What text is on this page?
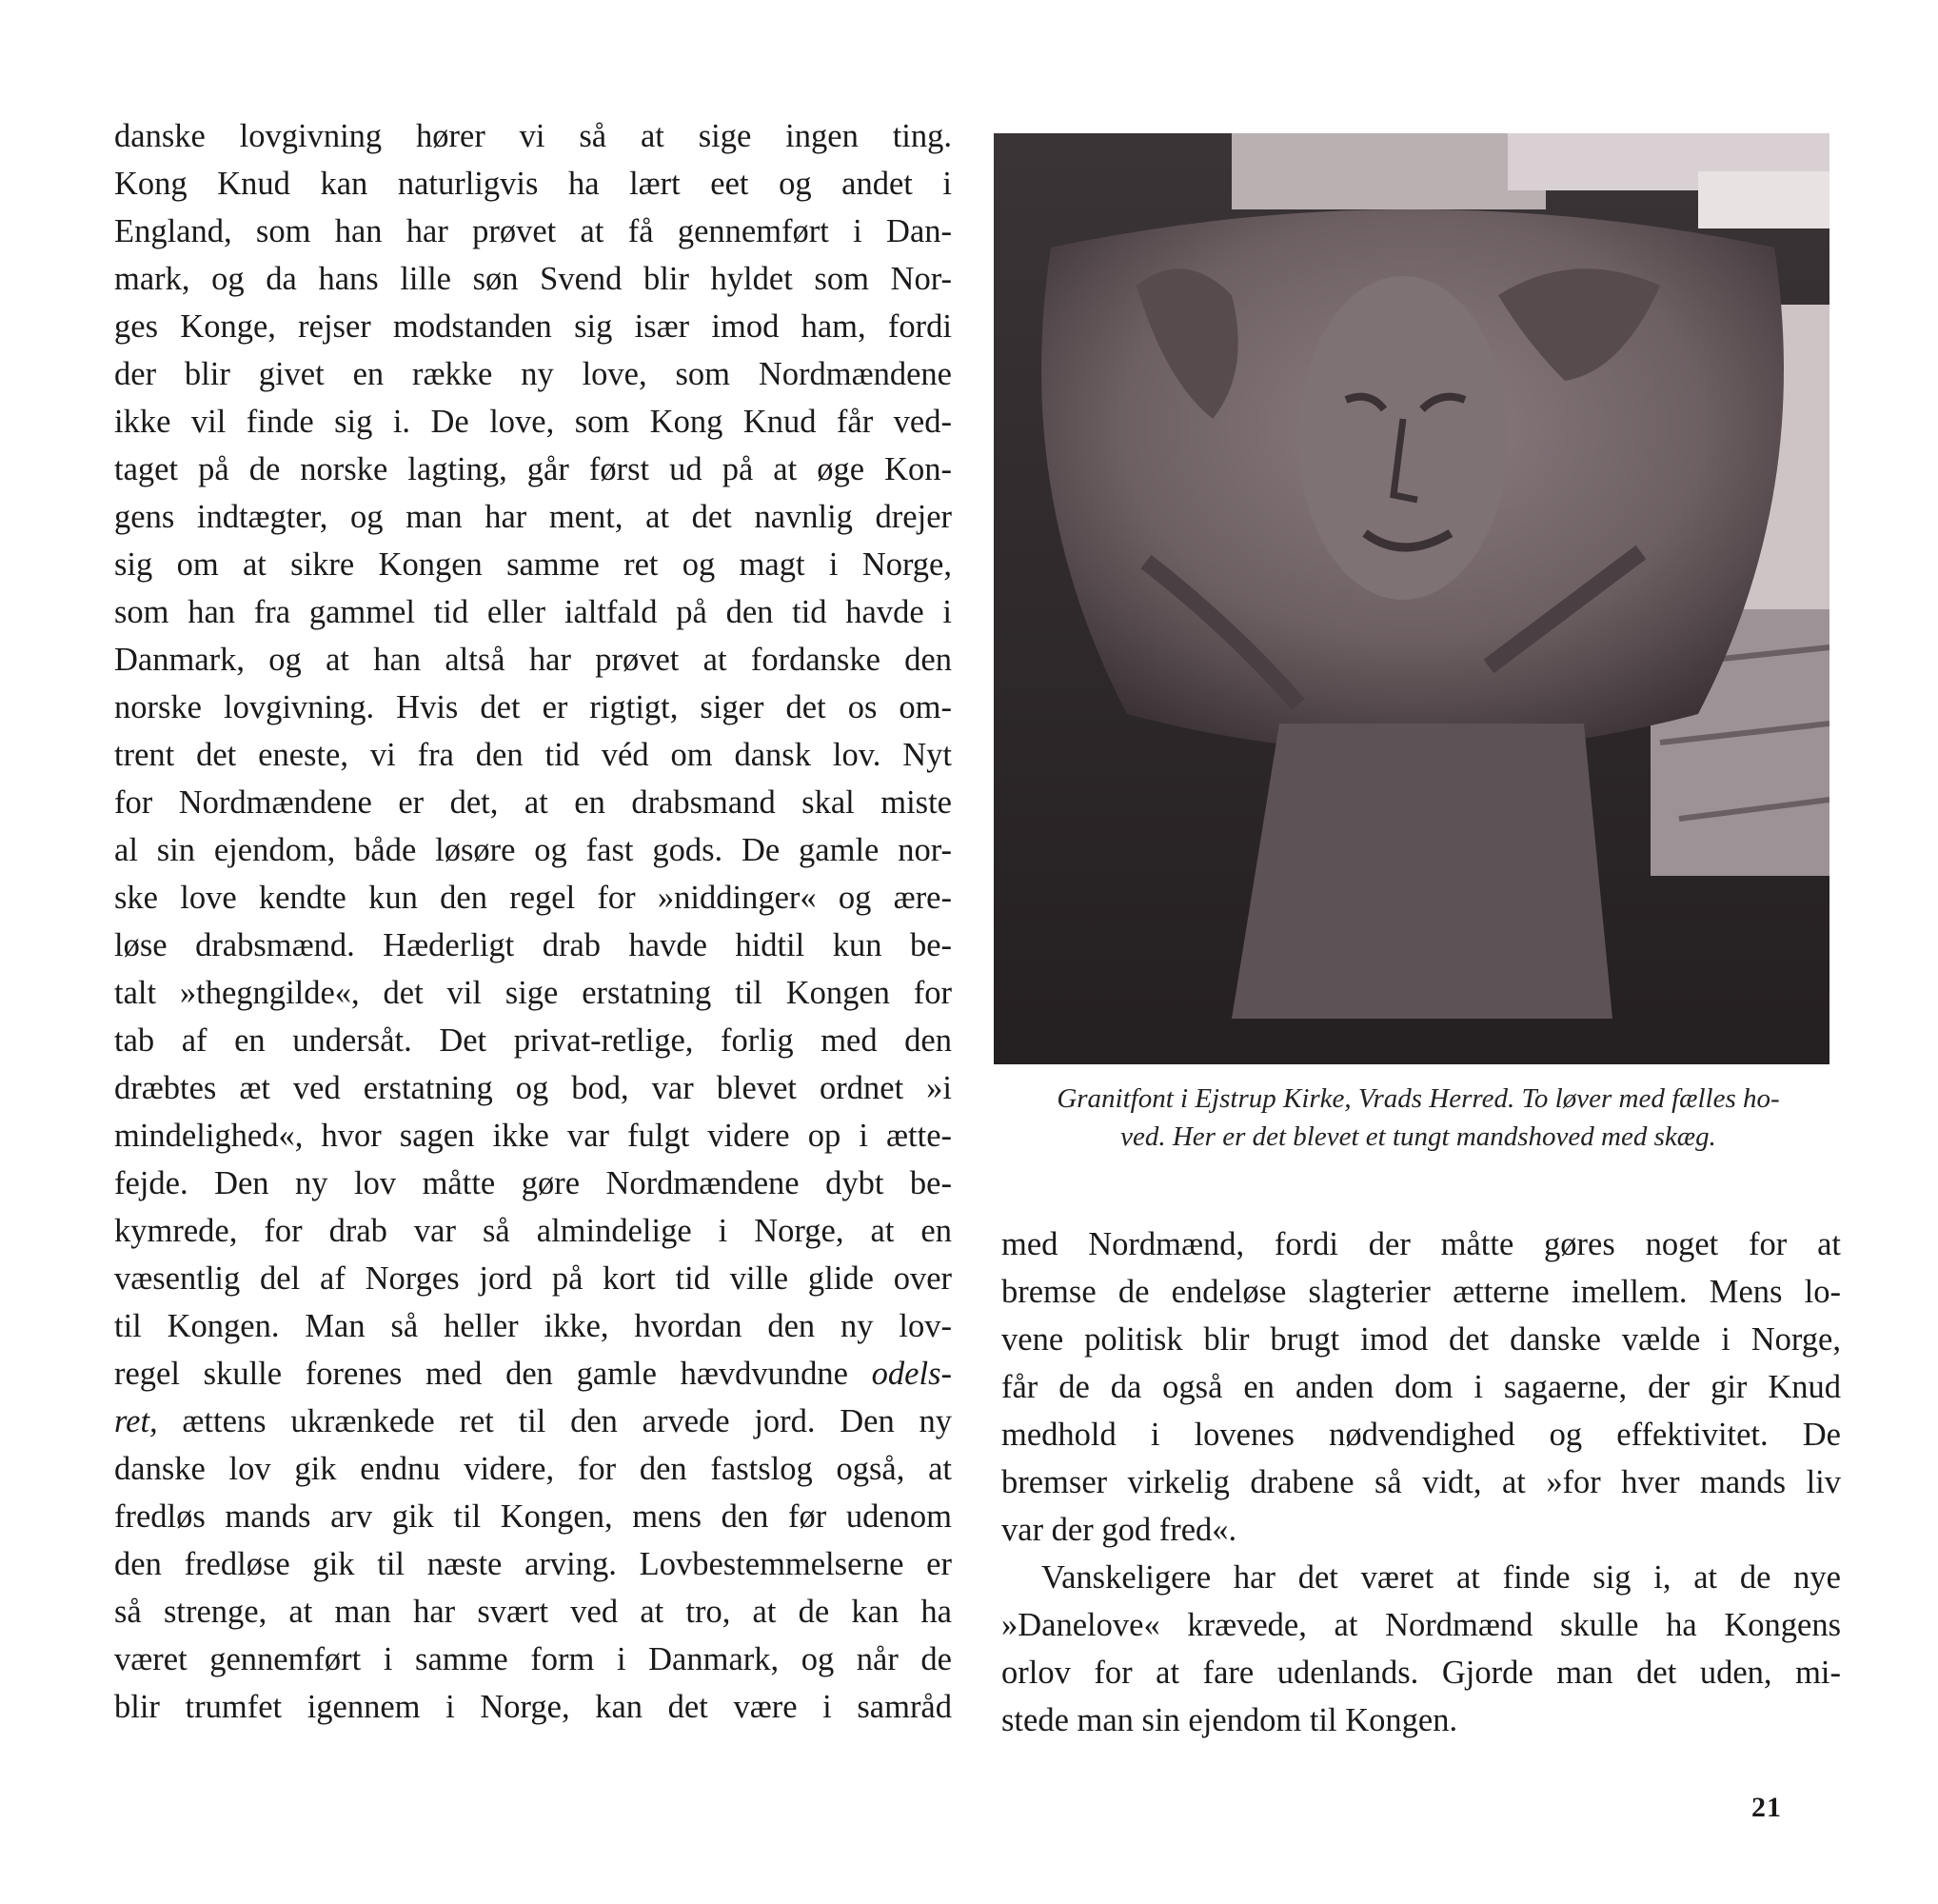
danske lovgivning hører vi så at sige ingen ting.
Kong Knud kan naturligvis ha lært eet og andet i
England, som han har prøvet at få gennemført i Dan-
mark, og da hans lille søn Svend blir hyldet som Nor-
ges Konge, rejser modstanden sig især imod ham, fordi
der blir givet en række ny love, som Nordmændene
ikke vil finde sig i. De love, som Kong Knud får ved-
taget på de norske lagting, går først ud på at øge Kon-
gens indtægter, og man har ment, at det navnlig drejer
sig om at sikre Kongen samme ret og magt i Norge,
som han fra gammel tid eller ialtfald på den tid havde i
Danmark, og at han altså har prøvet at fordanske den
norske lovgivning. Hvis det er rigtigt, siger det os om-
trent det eneste, vi fra den tid véd om dansk lov. Nyt
for Nordmændene er det, at en drabsmand skal miste
al sin ejendom, både løsøre og fast gods. De gamle nor-
ske love kendte kun den regel for »niddinger« og ære-
løse drabsmænd. Hæderligt drab havde hidtil kun be-
talt »thegngilde«, det vil sige erstatning til Kongen for
tab af en undersåt. Det privat-retlige, forlig med den
dræbtes æt ved erstatning og bod, var blevet ordnet »i
mindelighed«, hvor sagen ikke var fulgt videre op i ætte-
fejde. Den ny lov måtte gøre Nordmændene dybt be-
kymrede, for drab var så almindelige i Norge, at en
væsentlig del af Norges jord på kort tid ville glide over
til Kongen. Man så heller ikke, hvordan den ny lov-
regel skulle forenes med den gamle hævdvundne odels-
ret, ættens ukrænkede ret til den arvede jord. Den ny
danske lov gik endnu videre, for den fastslog også, at
fredløs mands arv gik til Kongen, mens den før udenom
den fredløse gik til næste arving. Lovbestemmelserne er
så strenge, at man har svært ved at tro, at de kan ha
været gennemført i samme form i Danmark, og når de
blir trumfet igennem i Norge, kan det være i samråd
Granitfont i Ejstrup Kirke, Vrads Herred. To løver med fælles ho-
ved. Her er det blevet et tungt mandshoved med skæg.
med Nordmænd, fordi der måtte gøres noget for at
bremse de endeløse slagterier ætterne imellem. Mens lo-
vene politisk blir brugt imod det danske vælde i Norge,
får de da også en anden dom i sagaerne, der gir Knud
medhold i lovenes nødvendighed og effektivitet. De
bremser virkelig drabene så vidt, at »for hver mands liv
var der god fred«.
Vanskeligere har det været at finde sig i, at de nye
»Danelove« krævede, at Nordmænd skulle ha Kongens
orlov for at fare udenlands. Gjorde man det uden, mi-
stede man sin ejendom til Kongen.
21
